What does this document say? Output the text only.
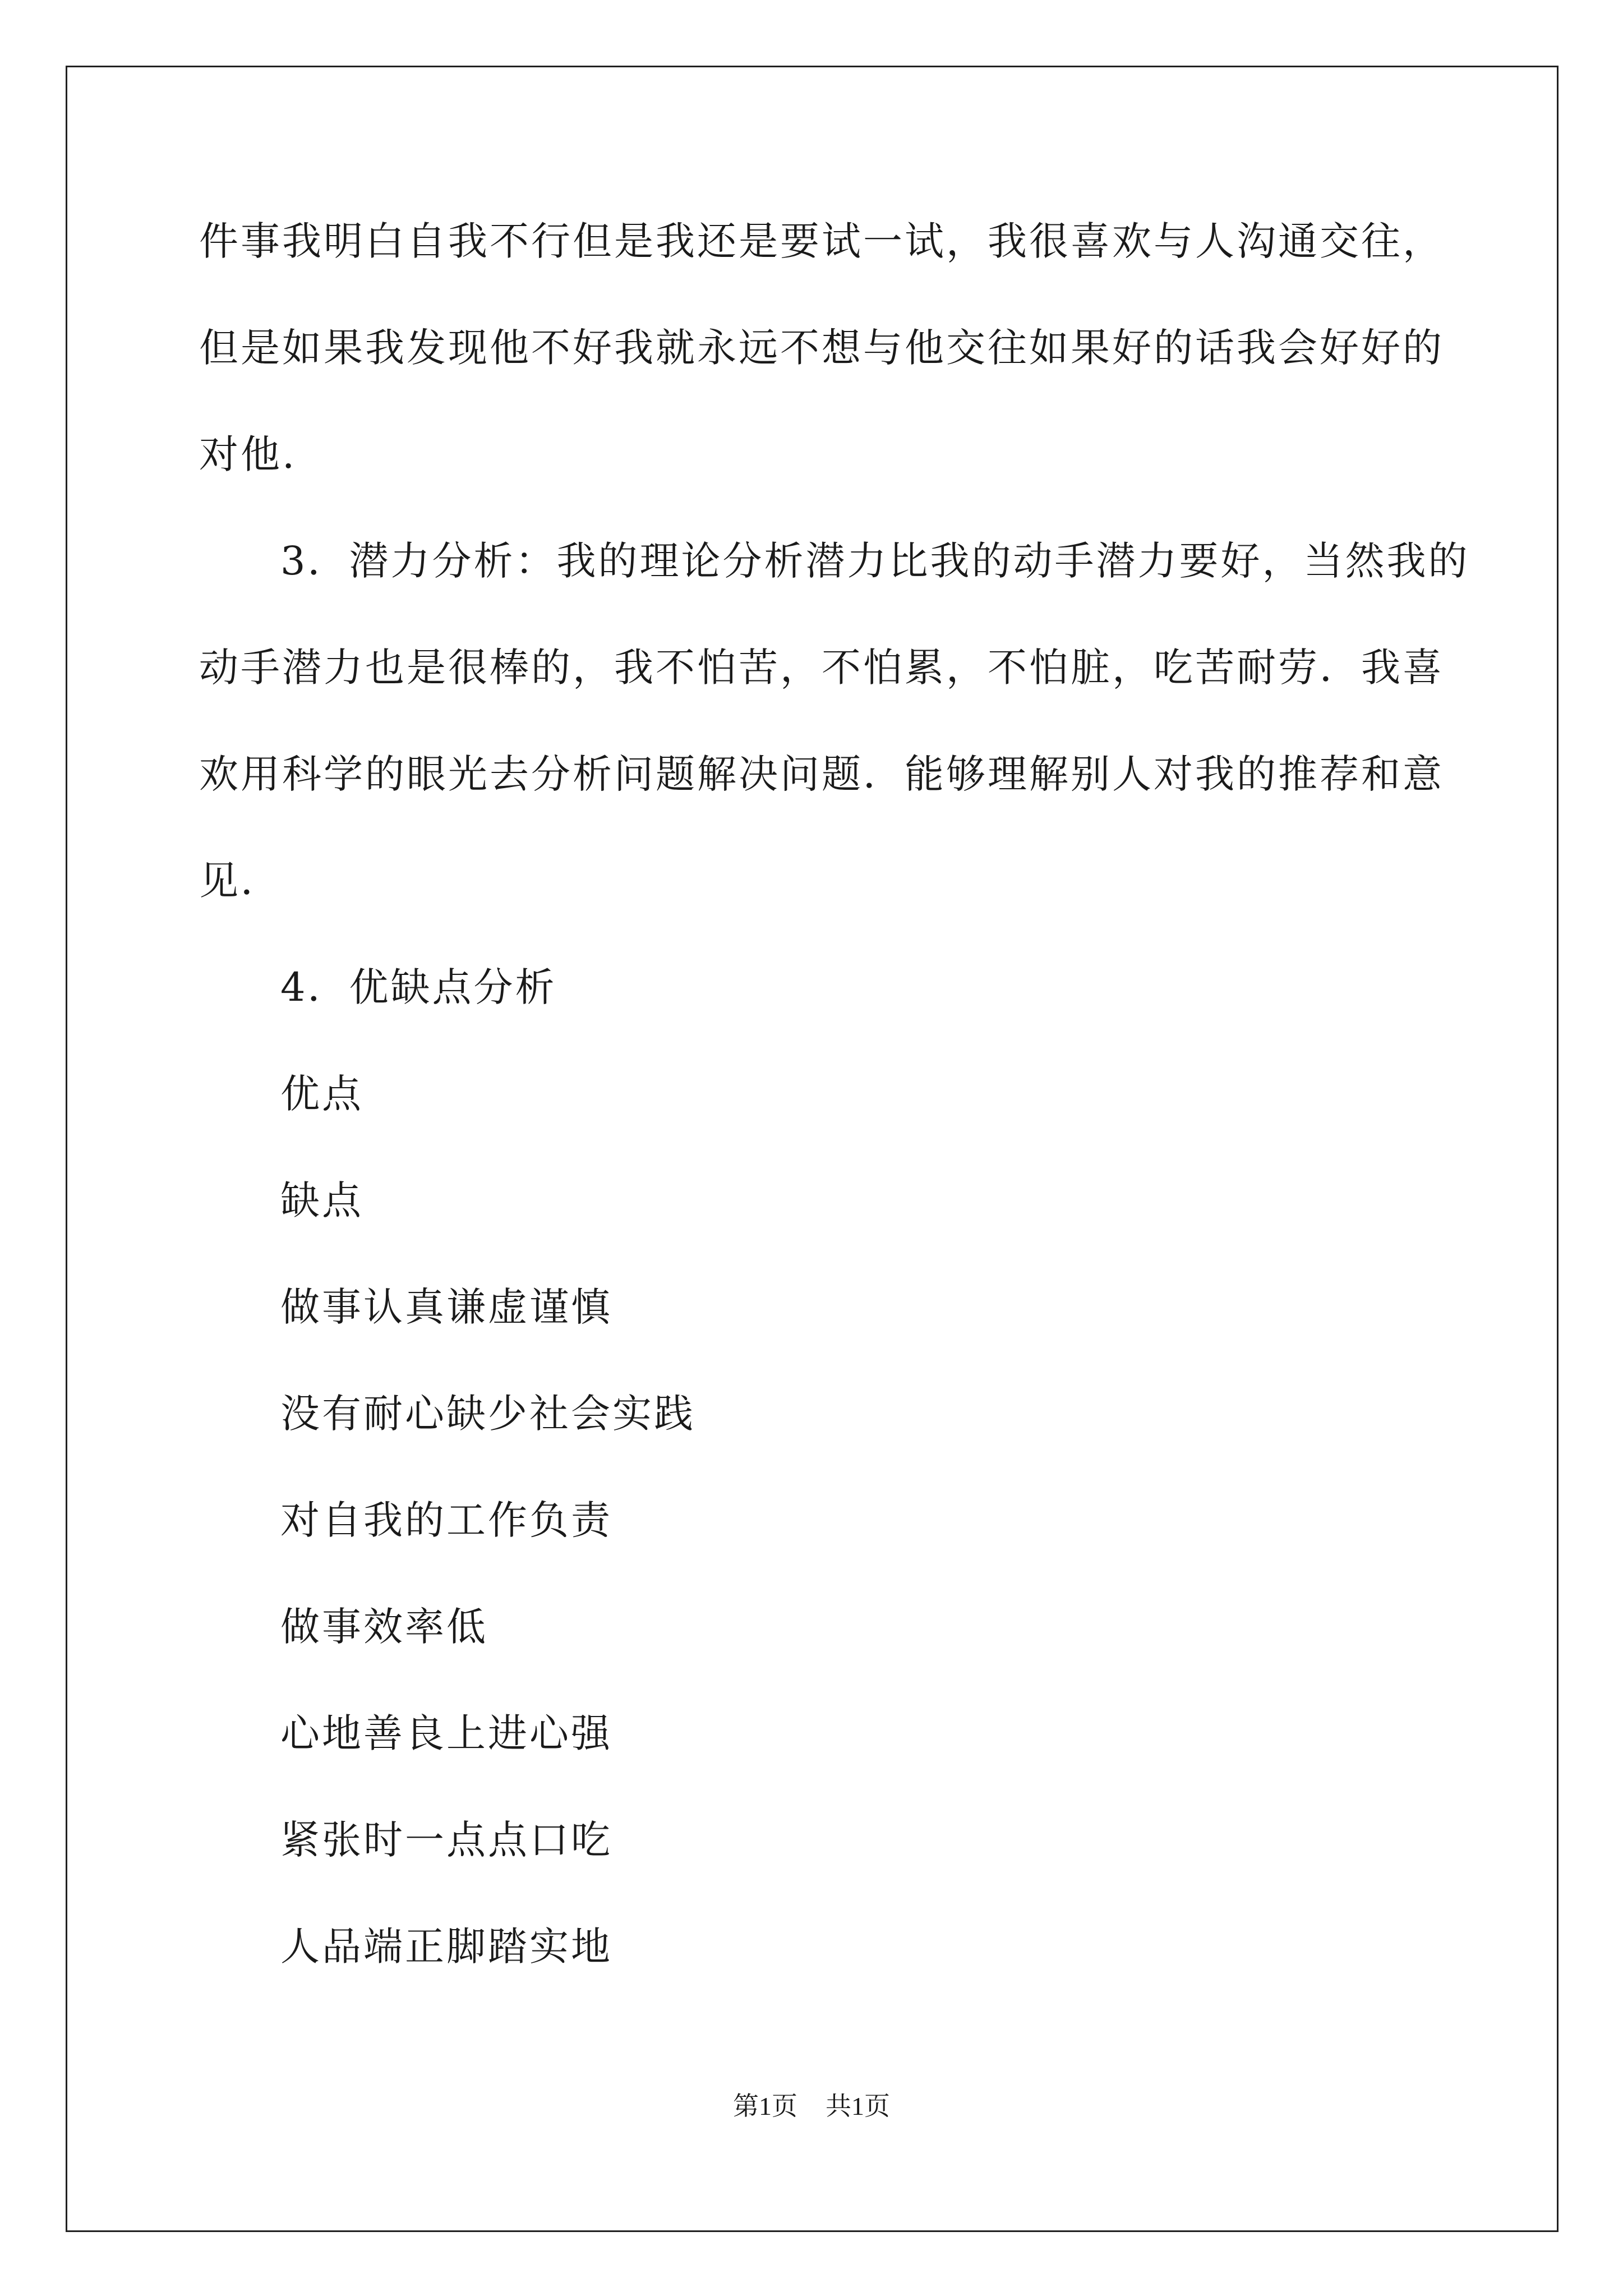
件事我明白自我不行但是我还是要试一试，我很喜欢与人沟通交往，
但是如果我发现他不好我就永远不想与他交往如果好的话我会好好的
对他.
3．潜力分析：我的理论分析潜力比我的动手潜力要好，当然我的
动手潜力也是很棒的，我不怕苦，不怕累，不怕脏，吃苦耐劳．我喜
欢用科学的眼光去分析问题解决问题．能够理解别人对我的推荐和意
见．
4．优缺点分析
优点
缺点
做事认真谦虚谨慎
没有耐心缺少社会实践
对自我的工作负责
做事效率低
心地善良上进心强
紧张时一点点口吃
人品端正脚踏实地
第1页 共1页
